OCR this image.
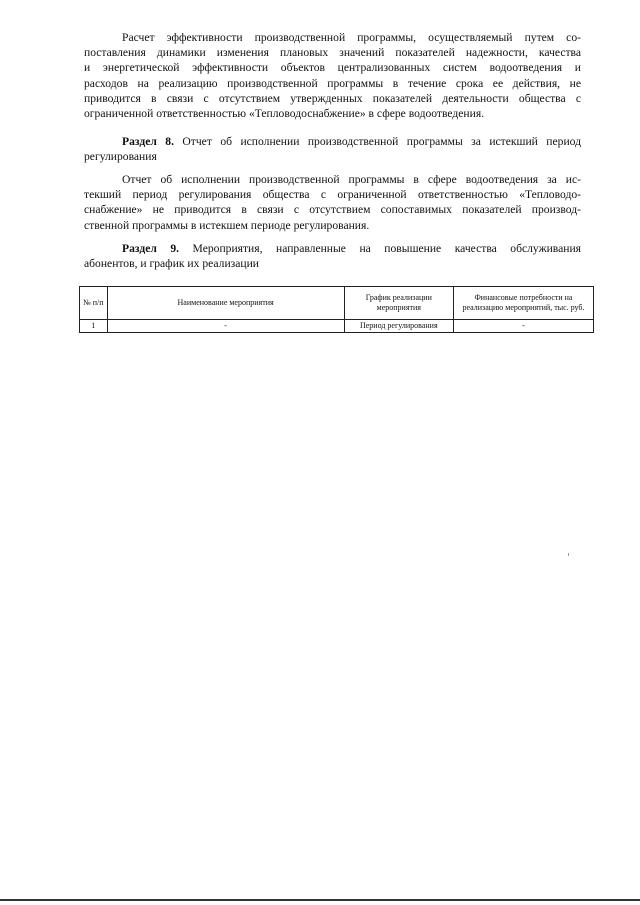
Расчет эффективности производственной программы, осуществляемый путем со-
поставления динамики изменения плановых значений показателей надежности, качества
и энергетической эффективности объектов централизованных систем водоотведения и
расходов на реализацию производственной программы в течение срока ее действия, не
приводится в связи с отсутствием утвержденных показателей деятельности общества с
ограниченной ответственностью «Тепловодоснабжение» в сфере водоотведения.

Раздел 8. Отчет об исполнении производственной программы за истекший период
регулирования

Отчет об исполнении производственной программы в сфере водоотведения за ис-
текший период регулирования общества с ограниченной ответственностью «Тепловодо-
снабжение» не приводится в связи с отсутствием сопоставимых показателей производ-
ственной программы в истекшем периоде регулирования.

Раздел 9. Мероприятия, направленные на повышение качества обслуживания
абонентов, и график их реализации

№ п/п	Наименование мероприятия	График реализации мероприятия	Финансовые потребности на реализацию мероприятий, тыс. руб.
1	-	Период регулирования	-
